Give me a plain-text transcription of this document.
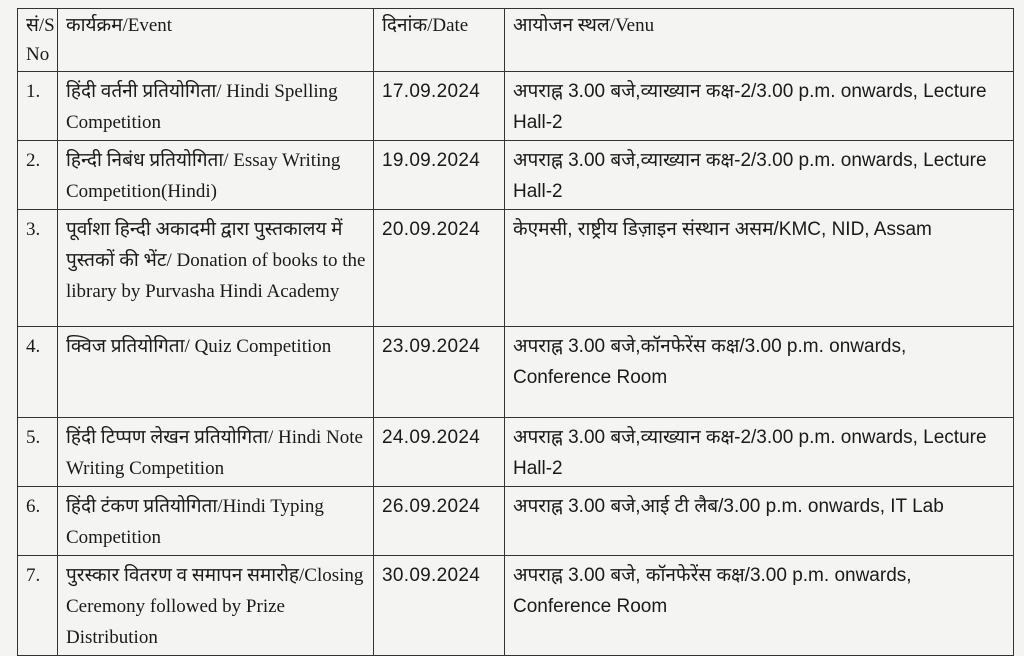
सं/S No	कार्यक्रम/Event	दिनांक/Date	आयोजन स्थल/Venu
1.	हिंदी वर्तनी प्रतियोगिता/ Hindi Spelling Competition	17.09.2024	अपराह्न 3.00 बजे,व्याख्यान कक्ष-2/3.00 p.m. onwards, Lecture Hall-2
2.	हिन्दी निबंध प्रतियोगिता/ Essay Writing Competition(Hindi)	19.09.2024	अपराह्न 3.00 बजे,व्याख्यान कक्ष-2/3.00 p.m. onwards, Lecture Hall-2
3.	पूर्वाशा हिन्दी अकादमी द्वारा पुस्तकालय में पुस्तकों की भेंट/ Donation of books to the library by Purvasha Hindi Academy	20.09.2024	केएमसी, राष्ट्रीय डिज़ाइन संस्थान असम/KMC, NID, Assam
4.	क्विज प्रतियोगिता/ Quiz Competition	23.09.2024	अपराह्न 3.00 बजे,कॉनफेरेंस कक्ष/3.00 p.m. onwards, Conference Room
5.	हिंदी टिप्पण लेखन प्रतियोगिता/ Hindi Note Writing Competition	24.09.2024	अपराह्न 3.00 बजे,व्याख्यान कक्ष-2/3.00 p.m. onwards, Lecture Hall-2
6.	हिंदी टंकण प्रतियोगिता/Hindi Typing Competition	26.09.2024	अपराह्न 3.00 बजे,आई टी लैब/3.00 p.m. onwards, IT Lab
7.	पुरस्कार वितरण व समापन समारोह/Closing Ceremony followed by Prize Distribution	30.09.2024	अपराह्न 3.00 बजे, कॉनफेरेंस कक्ष/3.00 p.m. onwards, Conference Room
